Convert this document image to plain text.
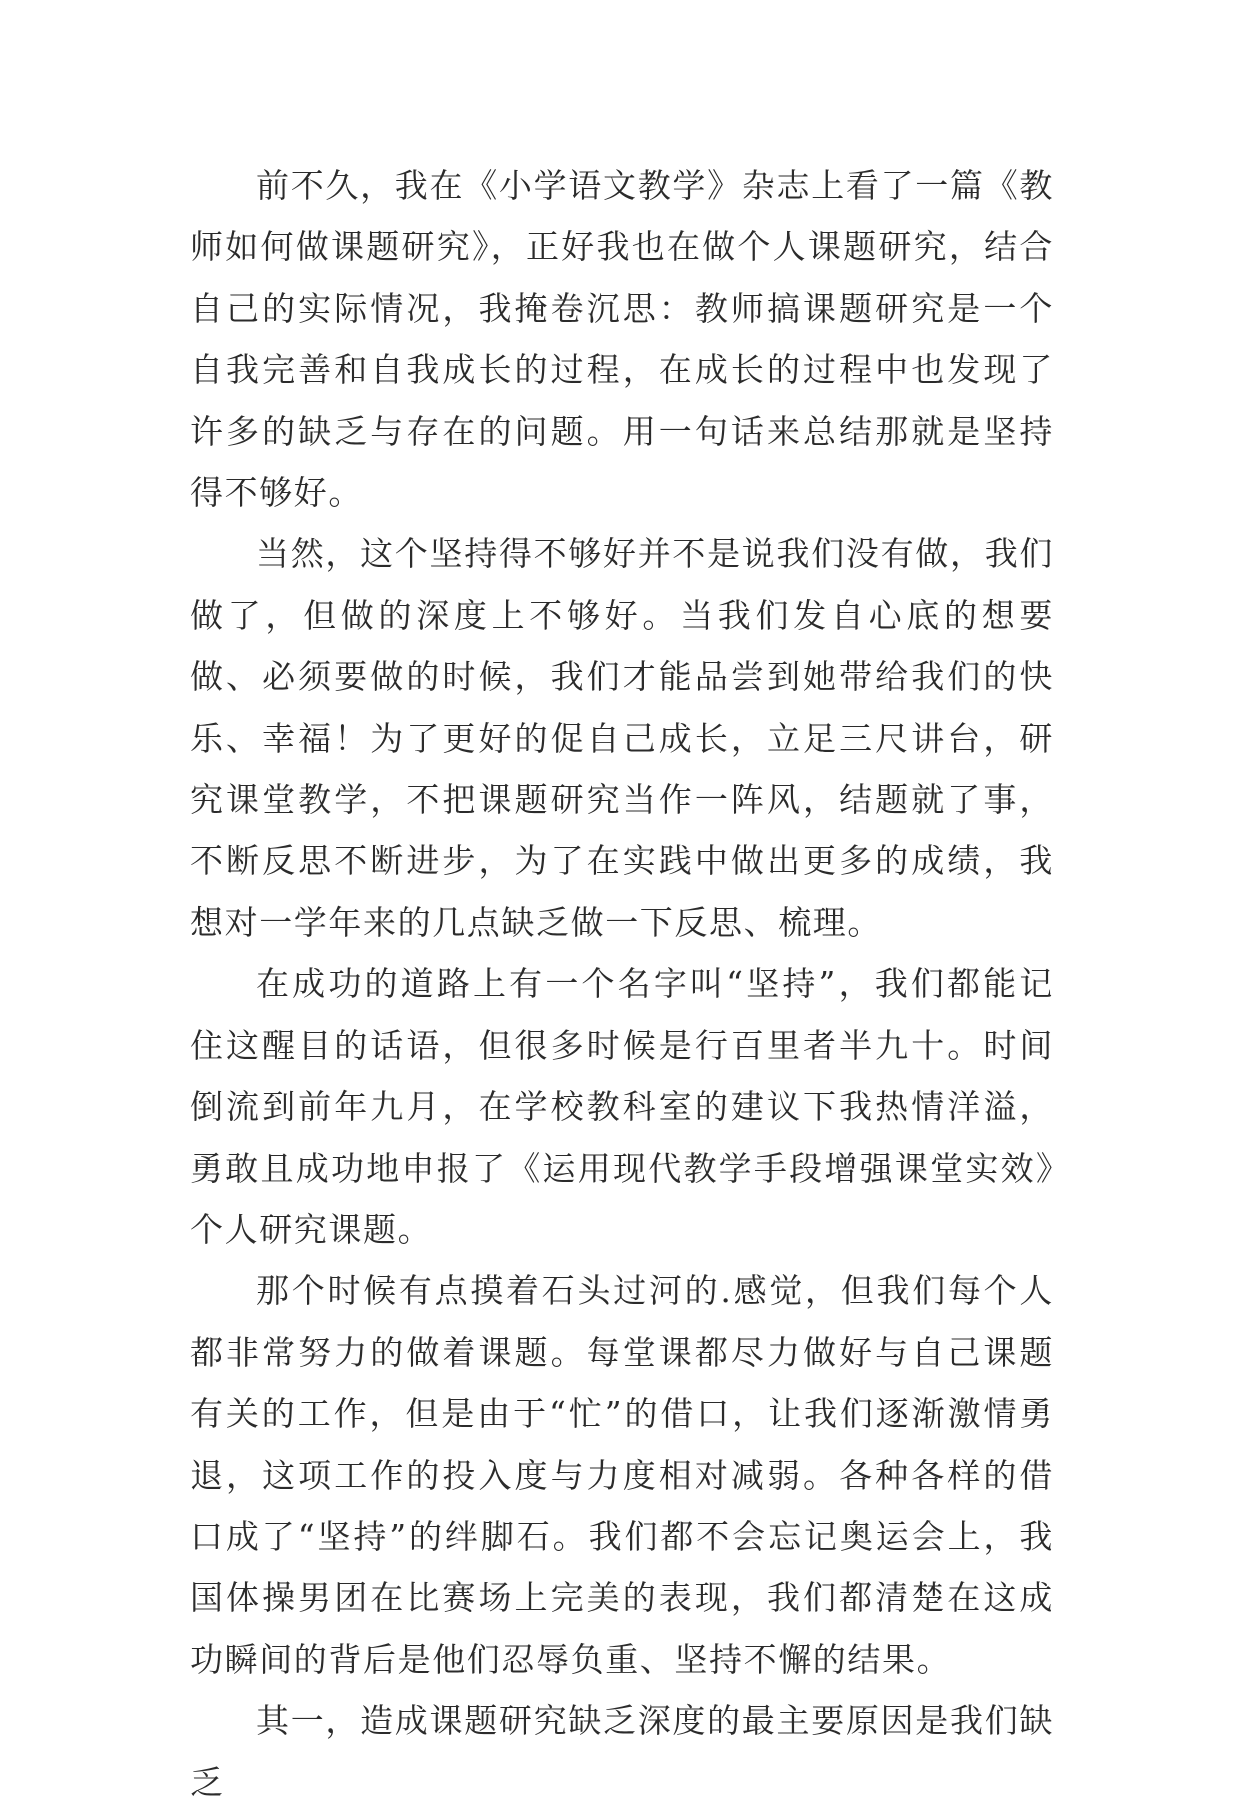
前不久，我在《小学语文教学》杂志上看了一篇《教师如何做课题研究》，正好我也在做个人课题研究，结合自己的实际情况，我掩卷沉思：教师搞课题研究是一个自我完善和自我成长的过程，在成长的过程中也发现了许多的缺乏与存在的问题。用一句话来总结那就是坚持得不够好。

当然，这个坚持得不够好并不是说我们没有做，我们做了，但做的深度上不够好。当我们发自心底的想要做、必须要做的时候，我们才能品尝到她带给我们的快乐、幸福！为了更好的促自己成长，立足三尺讲台，研究课堂教学，不把课题研究当作一阵风，结题就了事，不断反思不断进步，为了在实践中做出更多的成绩，我想对一学年来的几点缺乏做一下反思、梳理。

在成功的道路上有一个名字叫“坚持”，我们都能记住这醒目的话语，但很多时候是行百里者半九十。时间倒流到前年九月，在学校教科室的建议下我热情洋溢，勇敢且成功地申报了《运用现代教学手段增强课堂实效》个人研究课题。

那个时候有点摸着石头过河的.感觉，但我们每个人都非常努力的做着课题。每堂课都尽力做好与自己课题有关的工作，但是由于“忙”的借口，让我们逐渐激情勇退，这项工作的投入度与力度相对减弱。各种各样的借口成了“坚持”的绊脚石。我们都不会忘记奥运会上，我国体操男团在比赛场上完美的表现，我们都清楚在这成功瞬间的背后是他们忍辱负重、坚持不懈的结果。

其一，造成课题研究缺乏深度的最主要原因是我们缺乏
